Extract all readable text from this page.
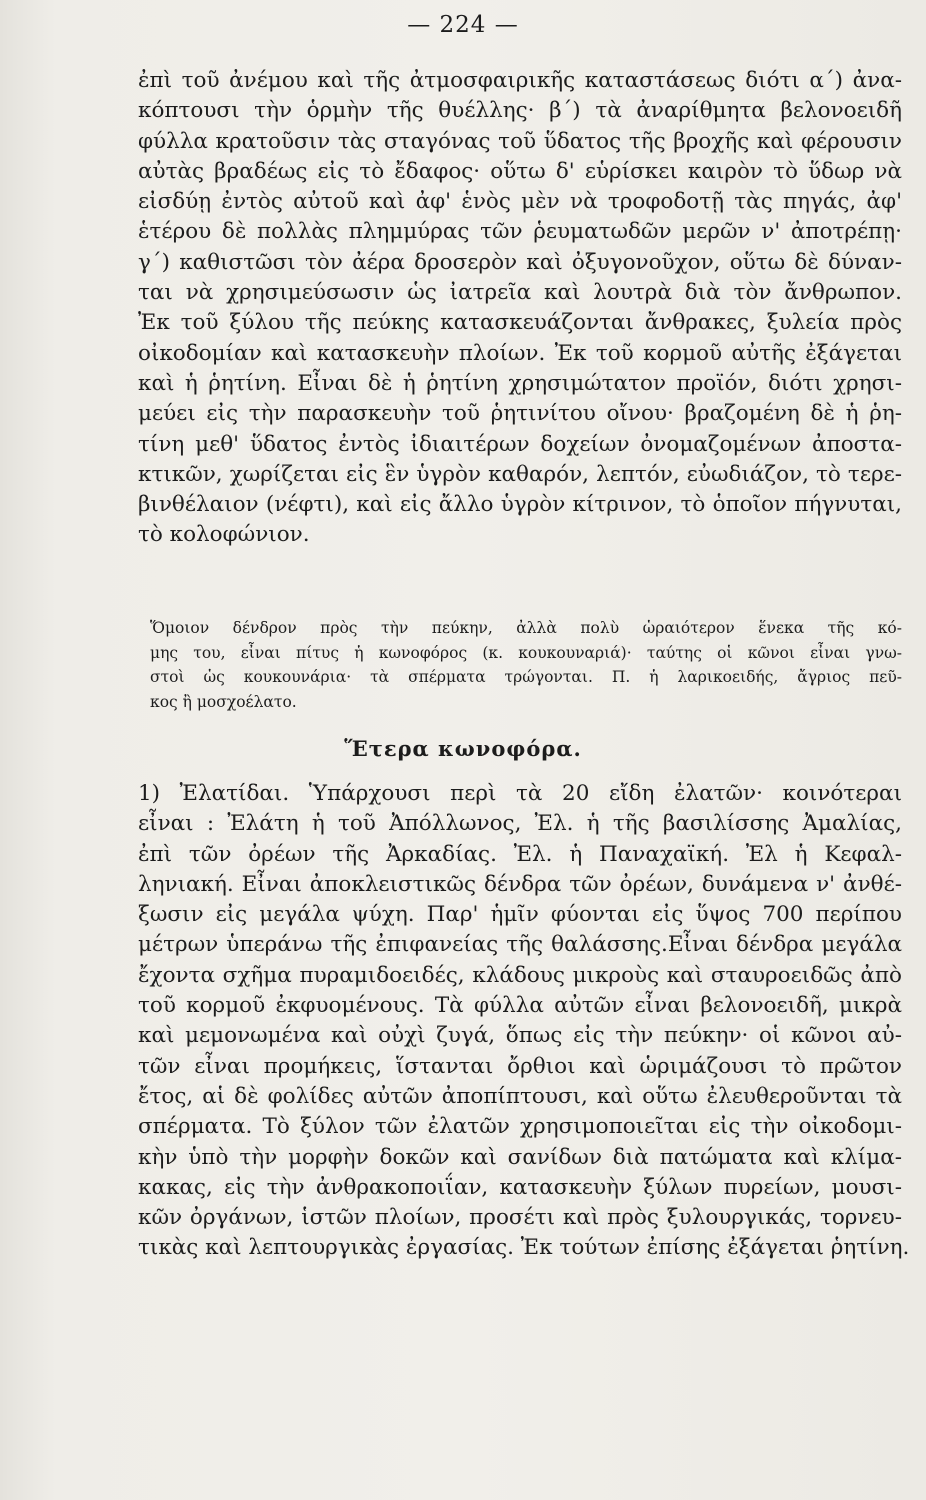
— 224 —
ἐπὶ τοῦ ἀνέμου καὶ τῆς ἀτμοσφαιρικῆς καταστάσεως διότι α΄) ἀνα-
κόπτουσι τὴν ὁρμὴν τῆς θυέλλης· β΄) τὰ ἀναρίθμητα βελονοειδῆ
φύλλα κρατοῦσιν τὰς σταγόνας τοῦ ὕδατος τῆς βροχῆς καὶ φέρουσιν
αὐτὰς βραδέως εἰς τὸ ἔδαφος· οὕτω δ' εὑρίσκει καιρὸν τὸ ὕδωρ νὰ
εἰσδύῃ ἐντὸς αὐτοῦ καὶ ἀφ' ἑνὸς μὲν νὰ τροφοδοτῇ τὰς πηγάς, ἀφ'
ἑτέρου δὲ πολλὰς πλημμύρας τῶν ῥευματωδῶν μερῶν ν' ἀποτρέπῃ·
γ΄) καθιστῶσι τὸν ἀέρα δροσερὸν καὶ ὀξυγονοῦχον, οὕτω δὲ δύναν-
ται νὰ χρησιμεύσωσιν ὡς ἰατρεῖα καὶ λουτρὰ διὰ τὸν ἄνθρωπον.
Ἐκ τοῦ ξύλου τῆς πεύκης κατασκευάζονται ἄνθρακες, ξυλεία πρὸς
οἰκοδομίαν καὶ κατασκευὴν πλοίων. Ἐκ τοῦ κορμοῦ αὐτῆς ἐξάγεται
καὶ ἡ ῥητίνη. Εἶναι δὲ ἡ ῥητίνη χρησιμώτατον προϊόν, διότι χρησι-
μεύει εἰς τὴν παρασκευὴν τοῦ ῥητινίτου οἴνου· βραζομένη δὲ ἡ ῥη-
τίνη μεθ' ὕδατος ἐντὸς ἰδιαιτέρων δοχείων ὀνομαζομένων ἀποστα-
κτικῶν, χωρίζεται εἰς ἓν ὑγρὸν καθαρόν, λεπτόν, εὐωδιάζον, τὸ τερε-
βινθέλαιον (νέφτι), καὶ εἰς ἄλλο ὑγρὸν κίτρινον, τὸ ὁποῖον πήγνυται,
τὸ κολοφώνιον.
Ὅμοιον δένδρον πρὸς τὴν πεύκην, ἀλλὰ πολὺ ὡραιότερον ἕνεκα τῆς κό-
μης του, εἶναι πίτυς ἡ κωνοφόρος (κ. κουκουναριά)· ταύτης οἱ κῶνοι εἶναι γνω-
στοὶ ὡς κουκουνάρια· τὰ σπέρματα τρώγονται. Π. ἡ λαρικοειδής, ἄγριος πεῦ-
κος ἢ μοσχοέλατο.
Ἕτερα κωνοφόρα.
1) Ἐλατίδαι. Ὑπάρχουσι περὶ τὰ 20 εἴδη ἐλατῶν· κοινότεραι
εἶναι : Ἐλάτη ἡ τοῦ Ἀπόλλωνος, Ἐλ. ἡ τῆς βασιλίσσης Ἀμαλίας,
ἐπὶ τῶν ὀρέων τῆς Ἀρκαδίας. Ἐλ. ἡ Παναχαϊκή. Ἐλ ἡ Κεφαλ-
ληνιακή. Εἶναι ἀποκλειστικῶς δένδρα τῶν ὀρέων, δυνάμενα ν' ἀνθέ-
ξωσιν εἰς μεγάλα ψύχη. Παρ' ἡμῖν φύονται εἰς ὕψος 700 περίπου
μέτρων ὑπεράνω τῆς ἐπιφανείας τῆς θαλάσσης.Εἶναι δένδρα μεγάλα
ἔχοντα σχῆμα πυραμιδοειδές, κλάδους μικροὺς καὶ σταυροειδῶς ἀπὸ
τοῦ κορμοῦ ἐκφυομένους. Τὰ φύλλα αὐτῶν εἶναι βελονοειδῆ, μικρὰ
καὶ μεμονωμένα καὶ οὐχὶ ζυγά, ὅπως εἰς τὴν πεύκην· οἱ κῶνοι αὐ-
τῶν εἶναι προμήκεις, ἵστανται ὄρθιοι καὶ ὡριμάζουσι τὸ πρῶτον
ἔτος, αἱ δὲ φολίδες αὐτῶν ἀποπίπτουσι, καὶ οὕτω ἐλευθεροῦνται τὰ
σπέρματα. Τὸ ξύλον τῶν ἐλατῶν χρησιμοποιεῖται εἰς τὴν οἰκοδομι-
κὴν ὑπὸ τὴν μορφὴν δοκῶν καὶ σανίδων διὰ πατώματα καὶ κλίμα-
κακας, εἰς τὴν ἀνθρακοποιΐαν, κατασκευὴν ξύλων πυρείων, μουσι-
κῶν ὀργάνων, ἱστῶν πλοίων, προσέτι καὶ πρὸς ξυλουργικάς, τορνευ-
τικὰς καὶ λεπτουργικὰς ἐργασίας. Ἐκ τούτων ἐπίσης ἐξάγεται ῥητίνη.
